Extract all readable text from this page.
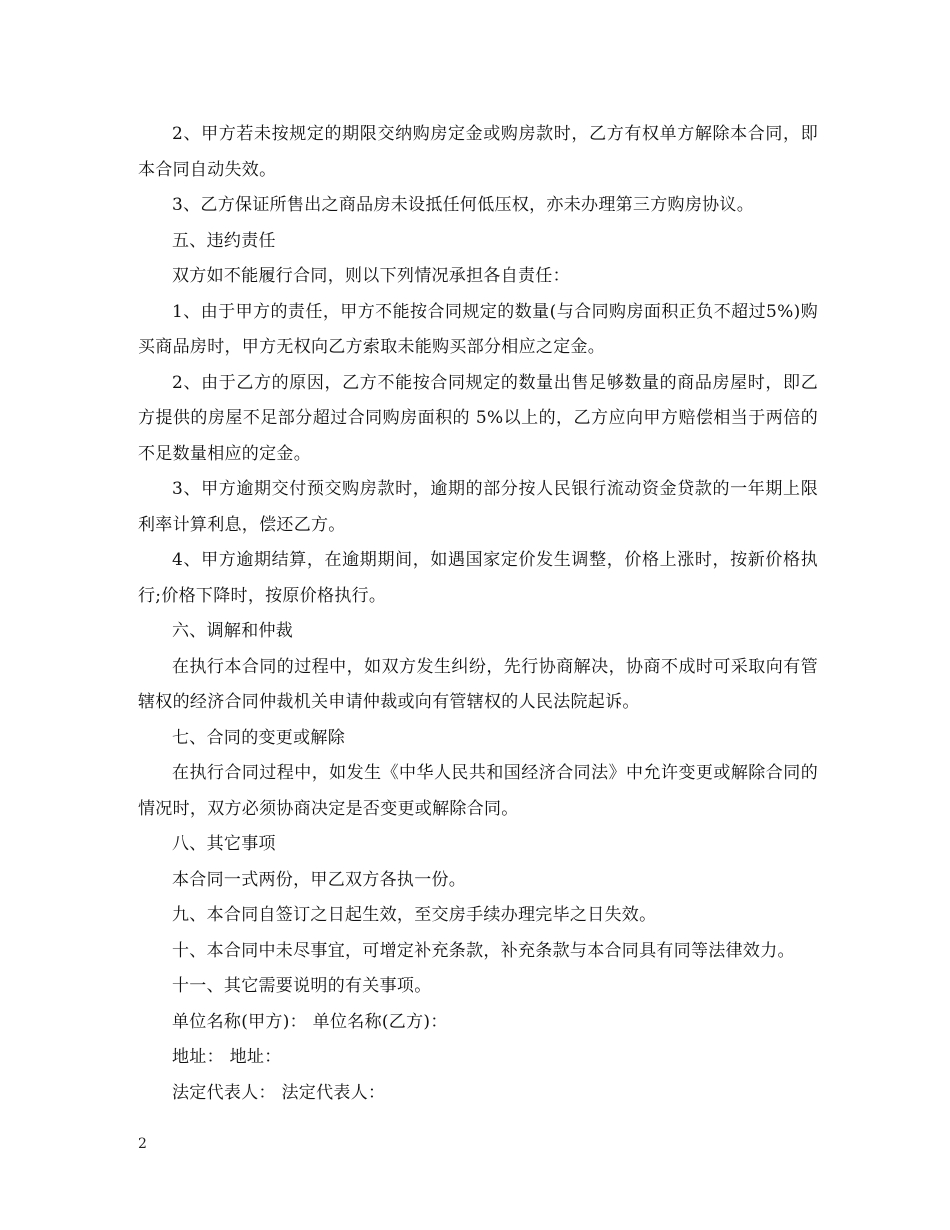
2、甲方若未按规定的期限交纳购房定金或购房款时，乙方有权单方解除本合同，即本合同自动失效。

3、乙方保证所售出之商品房未设抵任何低压权，亦未办理第三方购房协议。

五、违约责任

双方如不能履行合同，则以下列情况承担各自责任：

1、由于甲方的责任，甲方不能按合同规定的数量(与合同购房面积正负不超过5%)购买商品房时，甲方无权向乙方索取未能购买部分相应之定金。

2、由于乙方的原因，乙方不能按合同规定的数量出售足够数量的商品房屋时，即乙方提供的房屋不足部分超过合同购房面积的 5%以上的，乙方应向甲方赔偿相当于两倍的不足数量相应的定金。

3、甲方逾期交付预交购房款时，逾期的部分按人民银行流动资金贷款的一年期上限利率计算利息，偿还乙方。

4、甲方逾期结算，在逾期期间，如遇国家定价发生调整，价格上涨时，按新价格执行;价格下降时，按原价格执行。

六、调解和仲裁

在执行本合同的过程中，如双方发生纠纷，先行协商解决，协商不成时可采取向有管辖权的经济合同仲裁机关申请仲裁或向有管辖权的人民法院起诉。

七、合同的变更或解除

在执行合同过程中，如发生《中华人民共和国经济合同法》中允许变更或解除合同的情况时，双方必须协商决定是否变更或解除合同。

八、其它事项

本合同一式两份，甲乙双方各执一份。

九、本合同自签订之日起生效，至交房手续办理完毕之日失效。

十、本合同中未尽事宜，可增定补充条款，补充条款与本合同具有同等法律效力。

十一、其它需要说明的有关事项。

单位名称(甲方)： 单位名称(乙方)：

地址： 地址：

法定代表人： 法定代表人：

2
